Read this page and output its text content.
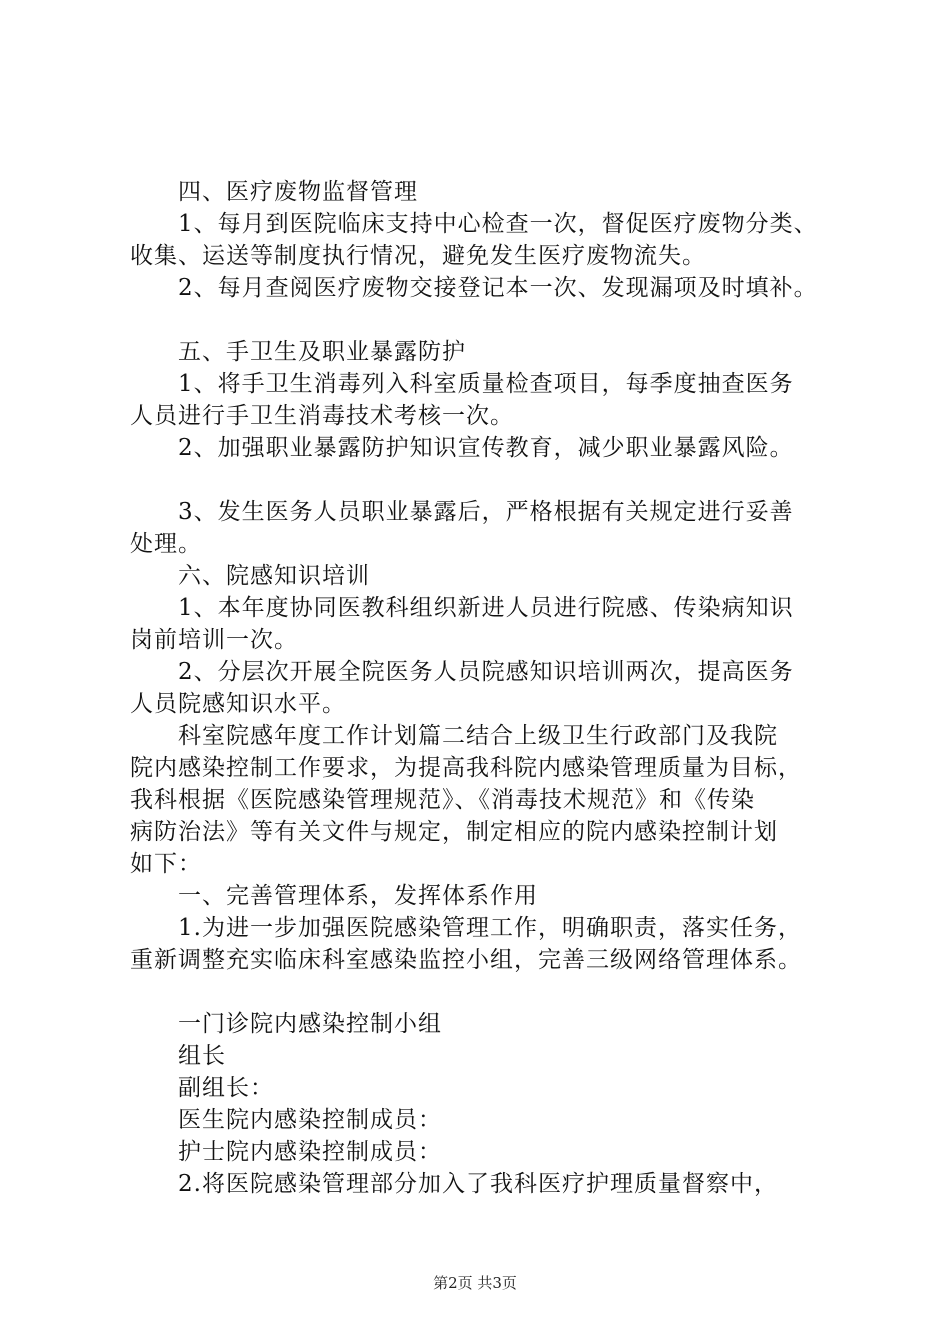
四、医疗废物监督管理
1、每月到医院临床支持中心检查一次，督促医疗废物分类、
收集、运送等制度执行情况，避免发生医疗废物流失。
2、每月查阅医疗废物交接登记本一次、发现漏项及时填补。
五、手卫生及职业暴露防护
1、将手卫生消毒列入科室质量检查项目，每季度抽查医务
人员进行手卫生消毒技术考核一次。
2、加强职业暴露防护知识宣传教育，减少职业暴露风险。
3、发生医务人员职业暴露后，严格根据有关规定进行妥善
处理。
六、院感知识培训
1、本年度协同医教科组织新进人员进行院感、传染病知识
岗前培训一次。
2、分层次开展全院医务人员院感知识培训两次，提高医务
人员院感知识水平。
科室院感年度工作计划篇二结合上级卫生行政部门及我院
院内感染控制工作要求，为提高我科院内感染管理质量为目标，
我科根据《医院感染管理规范》、《消毒技术规范》和《传染
病防治法》等有关文件与规定，制定相应的院内感染控制计划
如下：
一、完善管理体系，发挥体系作用
1.为进一步加强医院感染管理工作，明确职责，落实任务，
重新调整充实临床科室感染监控小组，完善三级网络管理体系。
一门诊院内感染控制小组
组长
副组长：
医生院内感染控制成员：
护士院内感染控制成员：
2.将医院感染管理部分加入了我科医疗护理质量督察中，
第2页 共3页
